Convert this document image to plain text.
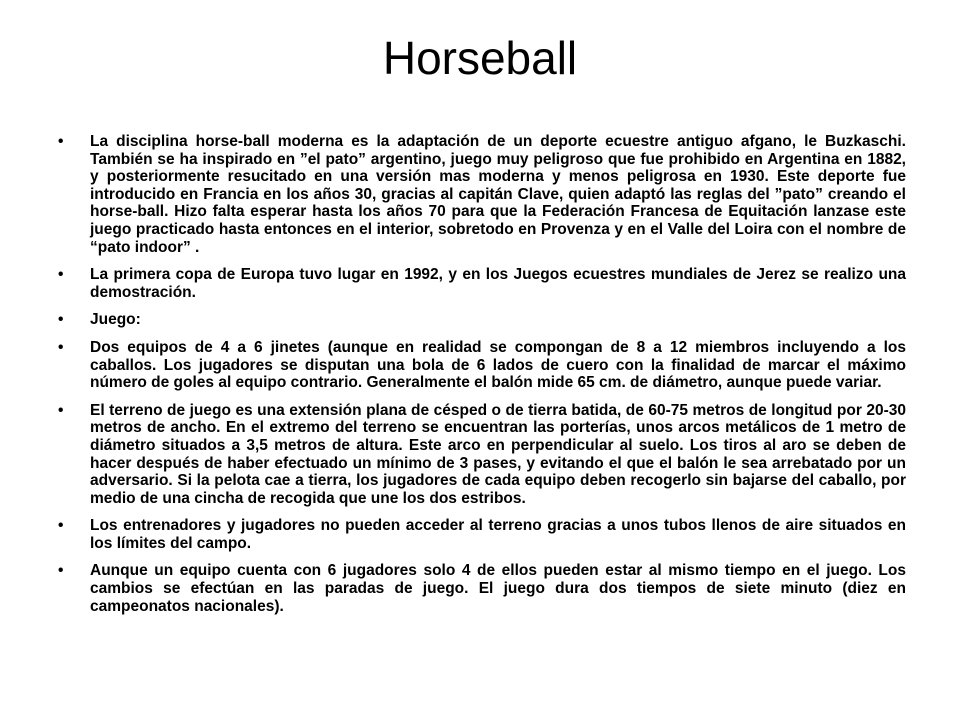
Horseball
• La disciplina horse-ball moderna es la adaptación de un deporte ecuestre antiguo afgano, le Buzkaschi. También se ha inspirado en ”el pato” argentino, juego muy peligroso que fue prohibido en Argentina en 1882, y posteriormente resucitado en una versión mas moderna y menos peligrosa en 1930. Este deporte fue introducido en Francia en los años 30, gracias al capitán Clave, quien adaptó las reglas del ”pato” creando el horse-ball. Hizo falta esperar hasta los años 70 para que la Federación Francesa de Equitación lanzase este juego practicado hasta entonces en el interior, sobretodo en Provenza y en el Valle del Loira con el nombre de “pato indoor” .
• La primera copa de Europa tuvo lugar en 1992, y en los Juegos ecuestres mundiales de Jerez se realizo una demostración.
• Juego:
• Dos equipos de 4 a 6 jinetes (aunque en realidad se compongan de 8 a 12 miembros incluyendo a los caballos. Los jugadores se disputan una bola de 6 lados de cuero con la finalidad de marcar el máximo número de goles al equipo contrario. Generalmente el balón mide 65 cm. de diámetro, aunque puede variar.
• El terreno de juego es una extensión plana de césped o de tierra batida, de 60-75 metros de longitud por 20-30 metros de ancho. En el extremo del terreno se encuentran las porterías, unos arcos metálicos de 1 metro de diámetro situados a 3,5 metros de altura. Este arco en perpendicular al suelo. Los tiros al aro se deben de hacer después de haber efectuado un mínimo de 3 pases, y evitando el que el balón le sea arrebatado por un adversario. Si la pelota cae a tierra, los jugadores de cada equipo deben recogerlo sin bajarse del caballo, por medio de una cincha de recogida que une los dos estribos.
• Los entrenadores y jugadores no pueden acceder al terreno gracias a unos tubos llenos de aire situados en los límites del campo.
• Aunque un equipo cuenta con 6 jugadores solo 4 de ellos pueden estar al mismo tiempo en el juego. Los cambios se efectúan en las paradas de juego. El juego dura dos tiempos de siete minuto (diez en campeonatos nacionales).
